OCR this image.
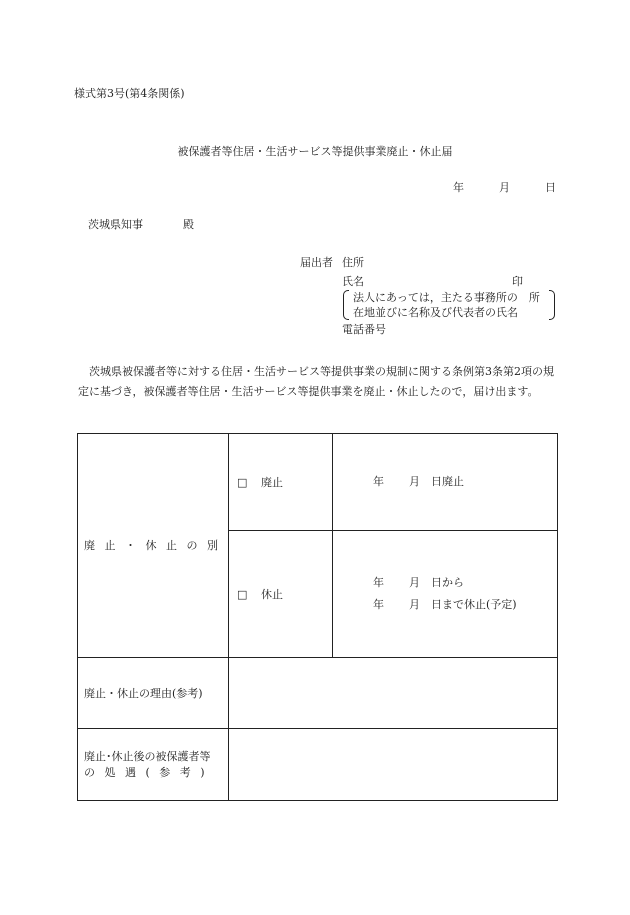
様式第3号(第4条関係)
被保護者等住居・生活サービス等提供事業廃止・休止届
年	月	日
茨城県知事	殿
届出者 住所
氏名	印
法人にあっては，主たる事務所の　所
在地並びに名称及び代表者の氏名
電話番号
茨城県被保護者等に対する住居・生活サービス等提供事業の規制に関する条例第3条第2項の規定に基づき，被保護者等住居・生活サービス等提供事業を廃止・休止したので，届け出ます。
廃止・休止の別	□ 廃止	年 月 日廃止

	□ 休止	年 月 日から
年 月 日まで休止(予定)

廃止・休止の理由(参考)		

廃止･休止後の被保護者等
の処遇(参考)		
